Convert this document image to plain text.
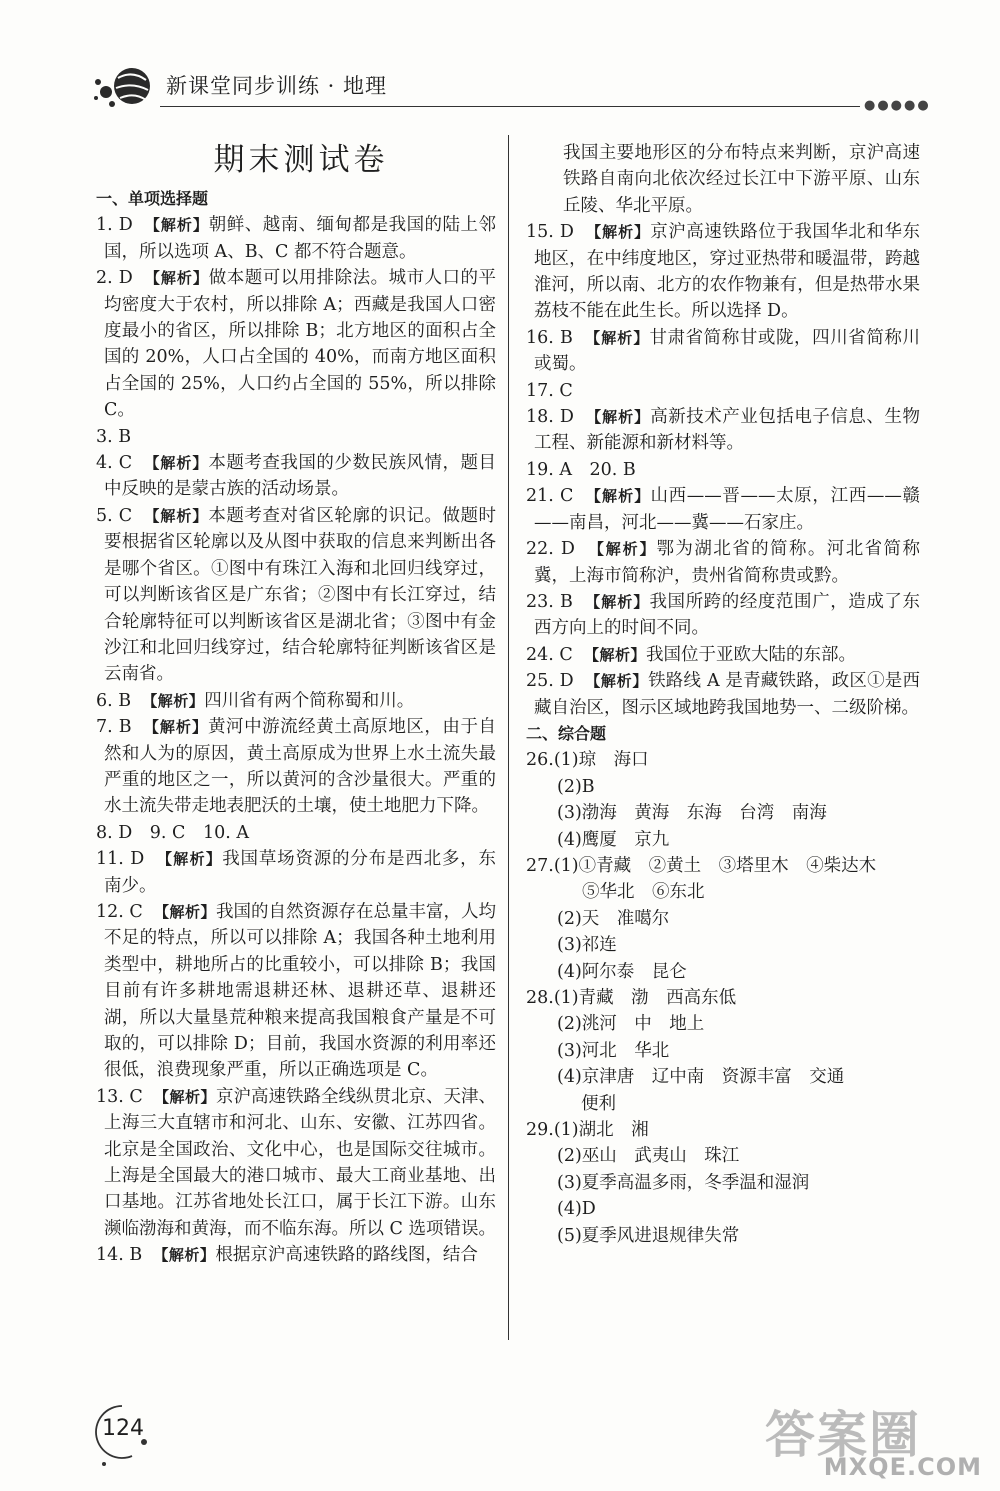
新课堂同步训练 · 地理
●●●●●
期末测试卷

一、单项选择题

1. D 【解析】朝鲜、越南、缅甸都是我国的陆上邻国，所以选项 A、B、C 都不符合题意。

2. D 【解析】做本题可以用排除法。城市人口的平均密度大于农村，所以排除 A；西藏是我国人口密度最小的省区，所以排除 B；北方地区的面积占全国的 20%，人口占全国的 40%，而南方地区面积占全国的 25%，人口约占全国的 55%，所以排除 C。

3. B

4. C 【解析】本题考查我国的少数民族风情，题目中反映的是蒙古族的活动场景。

5. C 【解析】本题考查对省区轮廓的识记。做题时要根据省区轮廓以及从图中获取的信息来判断出各是哪个省区。①图中有珠江入海和北回归线穿过，可以判断该省区是广东省；②图中有长江穿过，结合轮廓特征可以判断该省区是湖北省；③图中有金沙江和北回归线穿过，结合轮廓特征判断该省区是云南省。

6. B 【解析】四川省有两个简称蜀和川。

7. B 【解析】黄河中游流经黄土高原地区，由于自然和人为的原因，黄土高原成为世界上水土流失最严重的地区之一，所以黄河的含沙量很大。严重的水土流失带走地表肥沃的土壤，使土地肥力下降。

8. D　9. C　10. A

11. D 【解析】我国草场资源的分布是西北多，东南少。

12. C 【解析】我国的自然资源存在总量丰富，人均不足的特点，所以可以排除 A；我国各种土地利用类型中，耕地所占的比重较小，可以排除 B；我国目前有许多耕地需退耕还林、退耕还草、退耕还湖，所以大量垦荒种粮来提高我国粮食产量是不可取的，可以排除 D；目前，我国水资源的利用率还很低，浪费现象严重，所以正确选项是 C。

13. C 【解析】京沪高速铁路全线纵贯北京、天津、上海三大直辖市和河北、山东、安徽、江苏四省。北京是全国政治、文化中心，也是国际交往城市。上海是全国最大的港口城市、最大工商业基地、出口基地。江苏省地处长江口，属于长江下游。山东濒临渤海和黄海，而不临东海。所以 C 选项错误。

14. B 【解析】根据京沪高速铁路的路线图，结合

我国主要地形区的分布特点来判断，京沪高速铁路自南向北依次经过长江中下游平原、山东丘陵、华北平原。

15. D 【解析】京沪高速铁路位于我国华北和华东地区，在中纬度地区，穿过亚热带和暖温带，跨越淮河，所以南、北方的农作物兼有，但是热带水果荔枝不能在此生长。所以选择 D。

16. B 【解析】甘肃省简称甘或陇，四川省简称川或蜀。

17. C

18. D 【解析】高新技术产业包括电子信息、生物工程、新能源和新材料等。

19. A　20. B

21. C 【解析】山西——晋——太原，江西——赣——南昌，河北——冀——石家庄。

22. D 【解析】鄂为湖北省的简称。河北省简称冀，上海市简称沪，贵州省简称贵或黔。

23. B 【解析】我国所跨的经度范围广，造成了东西方向上的时间不同。

24. C 【解析】我国位于亚欧大陆的东部。

25. D 【解析】铁路线 A 是青藏铁路，政区①是西藏自治区，图示区域地跨我国地势一、二级阶梯。

二、综合题

26.(1)琼　海口

(2)B

(3)渤海　黄海　东海　台湾　南海

(4)鹰厦　京九

27.(1)①青藏　②黄土　③塔里木　④柴达木

⑤华北　⑥东北

(2)天　准噶尔

(3)祁连

(4)阿尔泰　昆仑

28.(1)青藏　渤　西高东低

(2)洮河　中　地上

(3)河北　华北

(4)京津唐　辽中南　资源丰富　交通

便利

29.(1)湖北　湘

(2)巫山　武夷山　珠江

(3)夏季高温多雨，冬季温和湿润

(4)D

(5)夏季风进退规律失常

124	答案圈
MXQE.COM
